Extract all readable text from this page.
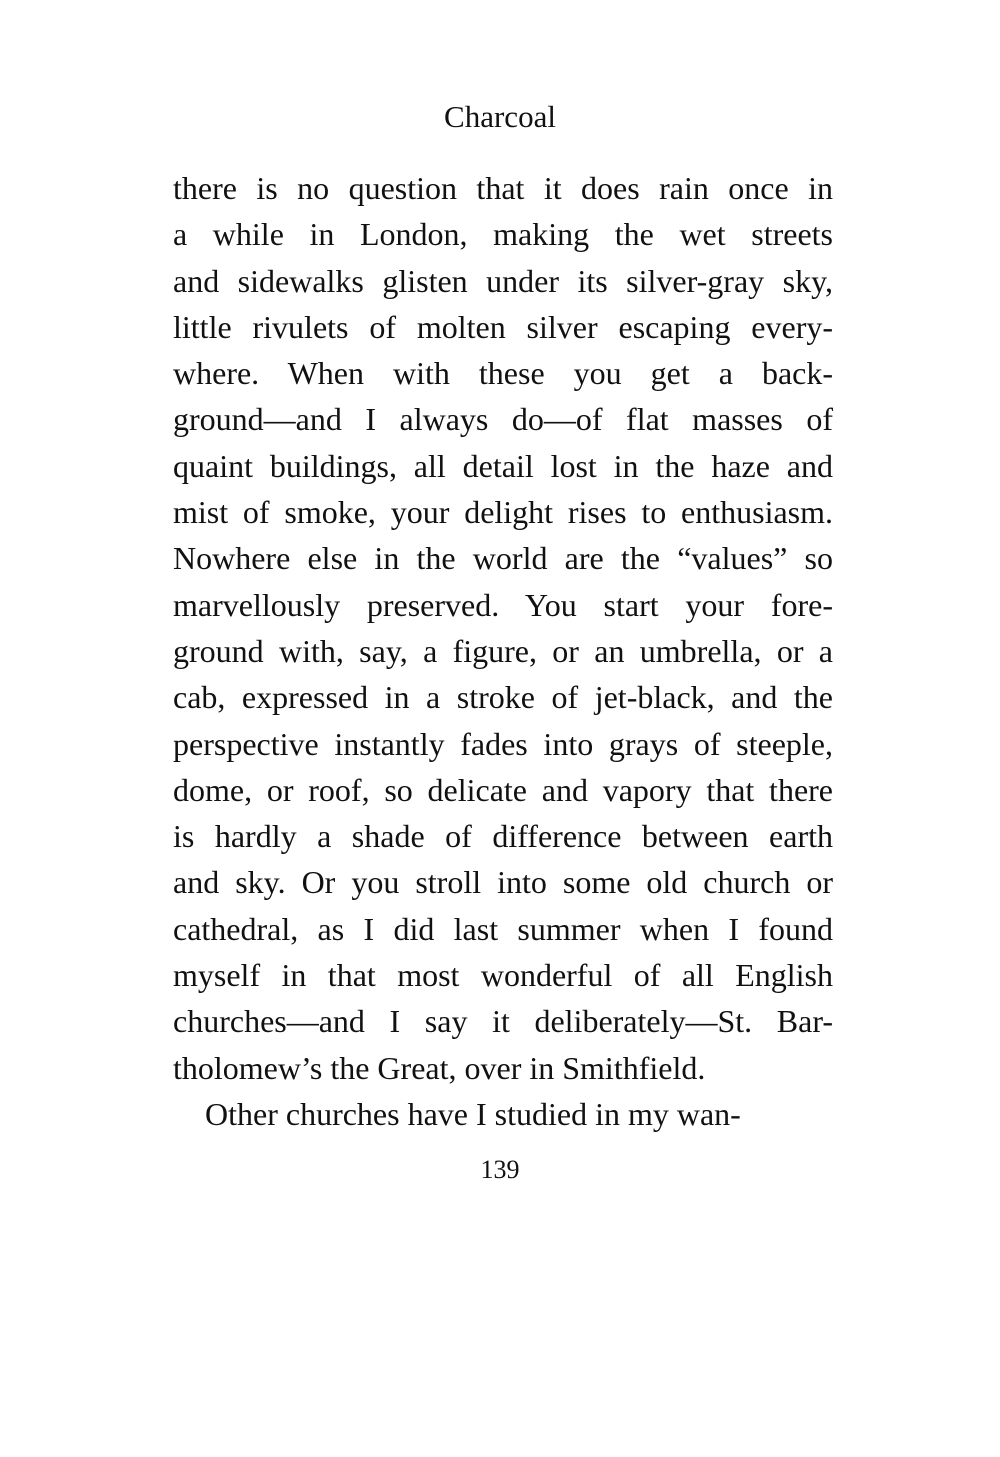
Charcoal
there is no question that it does rain once in
a while in London, making the wet streets
and sidewalks glisten under its silver-gray sky,
little rivulets of molten silver escaping every-
where. When with these you get a back-
ground—and I always do—of flat masses of
quaint buildings, all detail lost in the haze and
mist of smoke, your delight rises to enthusiasm.
Nowhere else in the world are the “values” so
marvellously preserved. You start your fore-
ground with, say, a figure, or an umbrella, or a
cab, expressed in a stroke of jet-black, and the
perspective instantly fades into grays of steeple,
dome, or roof, so delicate and vapory that there
is hardly a shade of difference between earth
and sky. Or you stroll into some old church or
cathedral, as I did last summer when I found
myself in that most wonderful of all English
churches—and I say it deliberately—St. Bar-
tholomew’s the Great, over in Smithfield.
Other churches have I studied in my wan-
139
